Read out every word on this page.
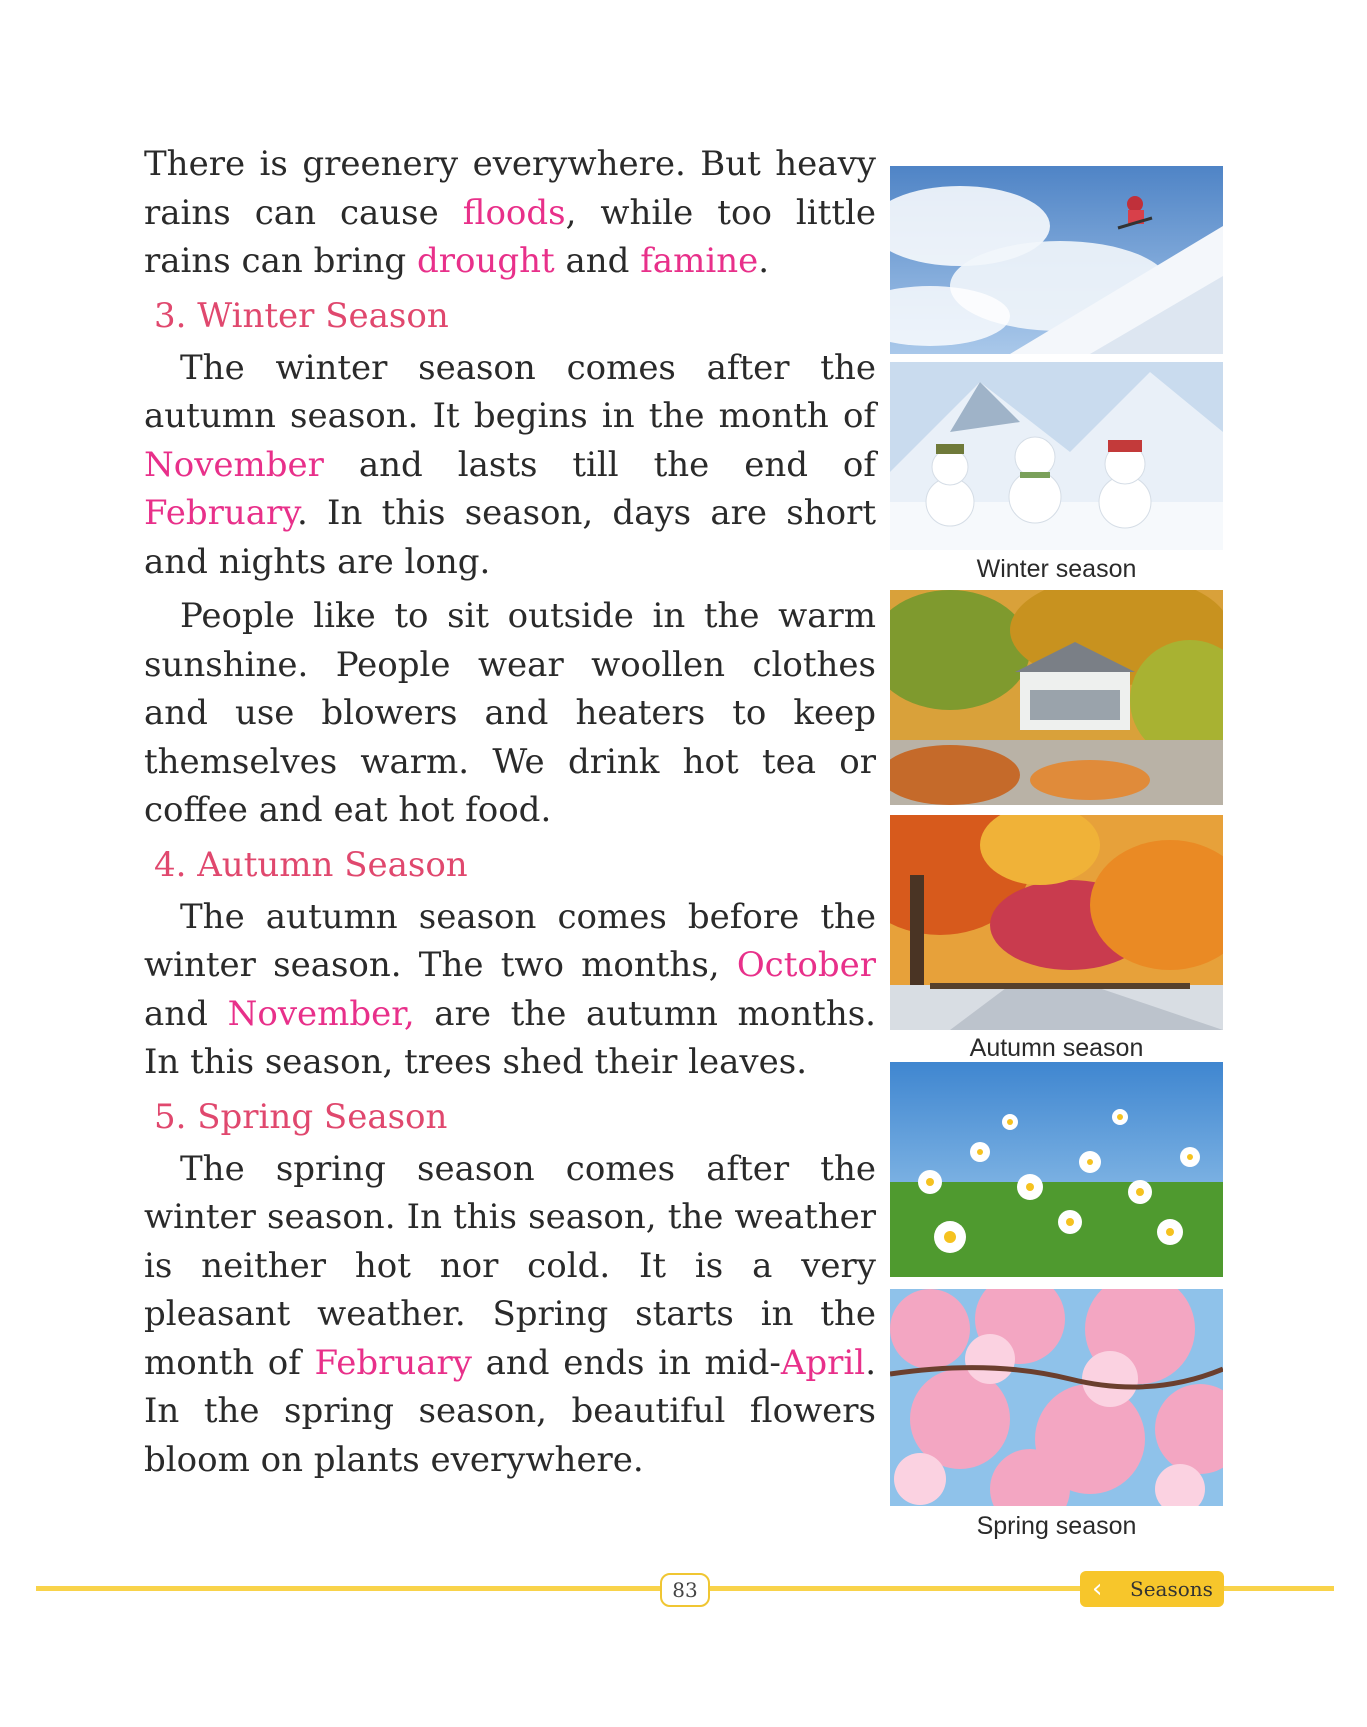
There is greenery everywhere. But heavy rains can cause floods, while too little rains can bring drought and famine.

3. Winter Season

The winter season comes after the autumn season. It begins in the month of November and lasts till the end of February. In this season, days are short and nights are long.

People like to sit outside in the warm sunshine. People wear woollen clothes and use blowers and heaters to keep themselves warm. We drink hot tea or coffee and eat hot food.

4. Autumn Season

The autumn season comes before the winter season. The two months, October and November, are the autumn months. In this season, trees shed their leaves.

5. Spring Season

The spring season comes after the winter season. In this season, the weather is neither hot nor cold. It is a very pleasant weather. Spring starts in the month of February and ends in mid-April. In the spring season, beautiful flowers bloom on plants everywhere.

Winter season
Autumn season
Spring season
83	‹ Seasons
